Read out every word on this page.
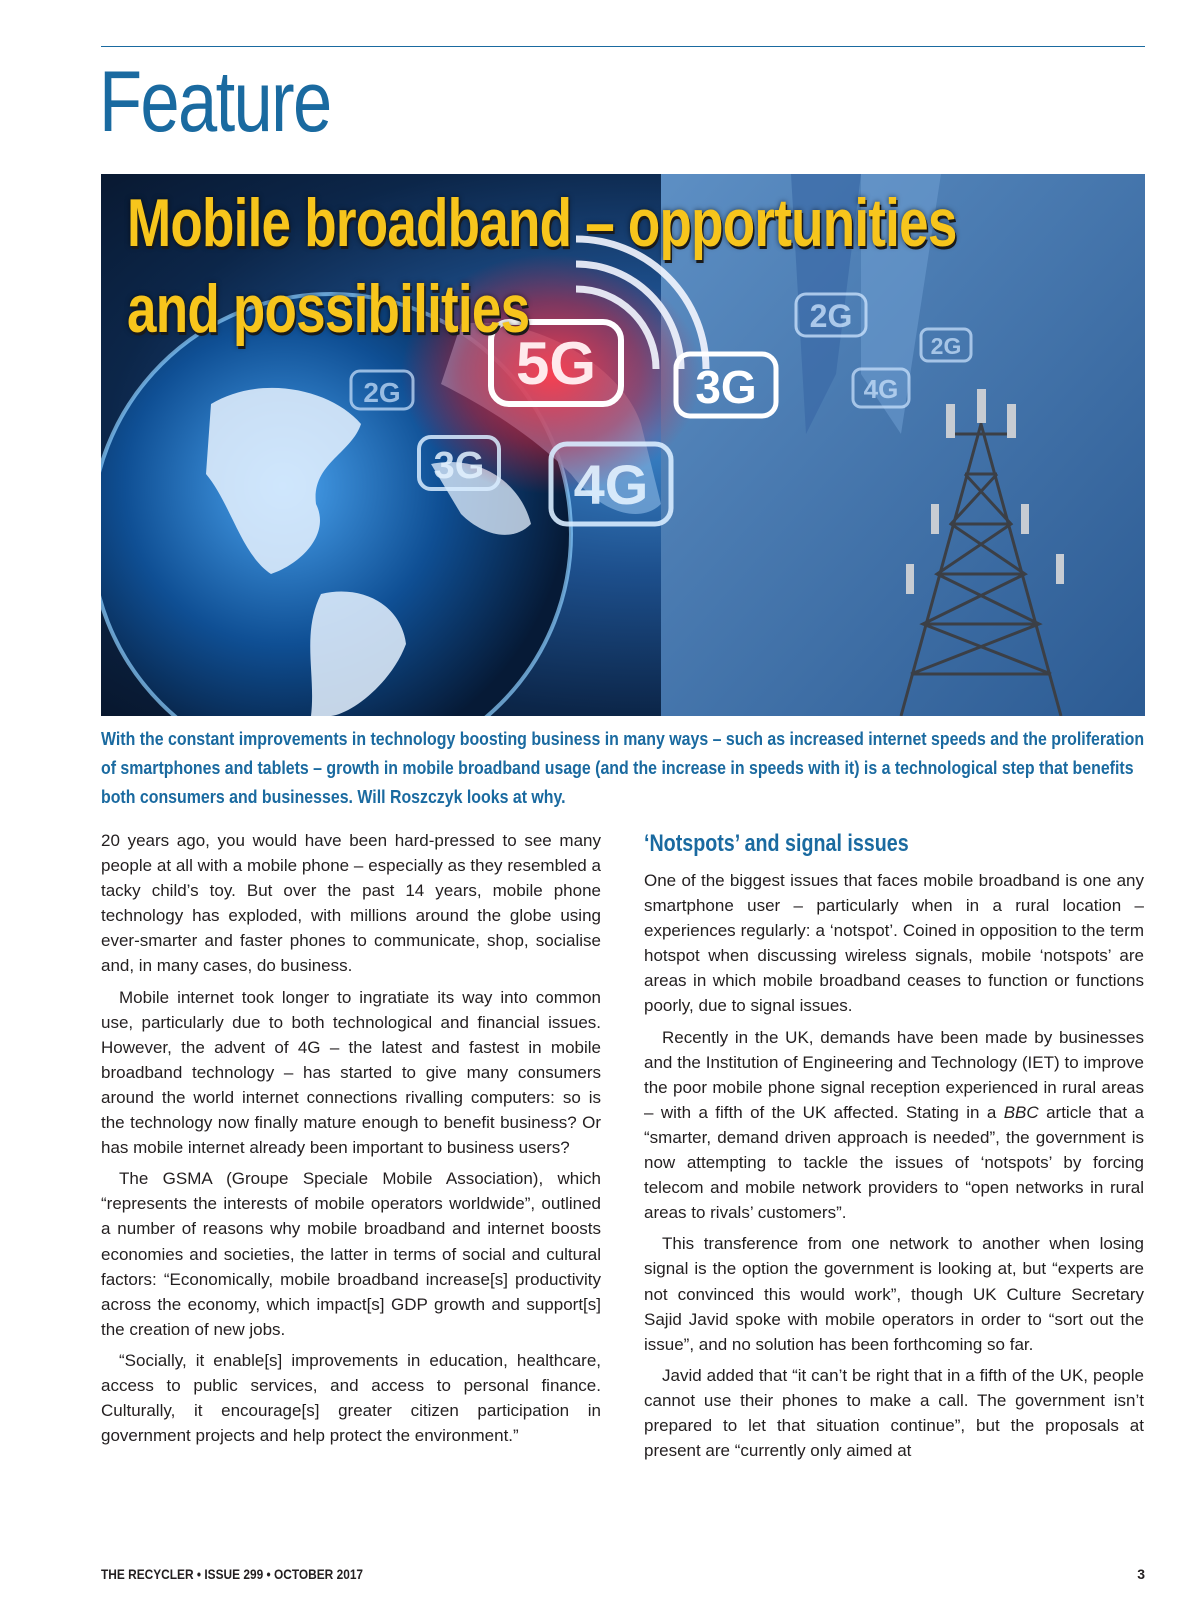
Feature
5G 3G
4G
3G
2G
2G
2G
4G
Mobile broadband – opportunities
and possibilities

With the constant improvements in technology boosting business in many ways – such as increased internet speeds and the proliferation of smartphones and tablets – growth in mobile broadband usage (and the increase in speeds with it) is a technological step that benefits both consumers and businesses. Will Roszczyk looks at why.

20 years ago, you would have been hard-pressed to see many people at all with a mobile phone – especially as they resembled a tacky child’s toy. But over the past 14 years, mobile phone technology has exploded, with millions around the globe using ever-smarter and faster phones to communicate, shop, socialise and, in many cases, do business.

Mobile internet took longer to ingratiate its way into common use, particularly due to both technological and financial issues. However, the advent of 4G – the latest and fastest in mobile broadband technology – has started to give many consumers around the world internet connections rivalling computers: so is the technology now finally mature enough to benefit business? Or has mobile internet already been important to business users?

The GSMA (Groupe Speciale Mobile Association), which “represents the interests of mobile operators worldwide”, outlined a number of reasons why mobile broadband and internet boosts economies and societies, the latter in terms of social and cultural factors: “Economically, mobile broadband increase[s] productivity across the economy, which impact[s] GDP growth and support[s] the creation of new jobs.

“Socially, it enable[s] improvements in education, healthcare, access to public services, and access to personal finance. Culturally, it encourage[s] greater citizen participation in government projects and help protect the environment.”

‘Notspots’ and signal issues

One of the biggest issues that faces mobile broadband is one any smartphone user – particularly when in a rural location – experiences regularly: a ‘notspot’. Coined in opposition to the term hotspot when discussing wireless signals, mobile ‘notspots’ are areas in which mobile broadband ceases to function or functions poorly, due to signal issues.

Recently in the UK, demands have been made by businesses and the Institution of Engineering and Technology (IET) to improve the poor mobile phone signal reception experienced in rural areas – with a fifth of the UK affected. Stating in a BBC article that a “smarter, demand driven approach is needed”, the government is now attempting to tackle the issues of ‘notspots’ by forcing telecom and mobile network providers to “open networks in rural areas to rivals’ customers”.

This transference from one network to another when losing signal is the option the government is looking at, but “experts are not convinced this would work”, though UK Culture Secretary Sajid Javid spoke with mobile operators in order to “sort out the issue”, and no solution has been forthcoming so far.

Javid added that “it can’t be right that in a fifth of the UK, people cannot use their phones to make a call. The government isn’t prepared to let that situation continue”, but the proposals at present are “currently only aimed at

THE RECYCLER • ISSUE 299 • OCTOBER 2017	3
